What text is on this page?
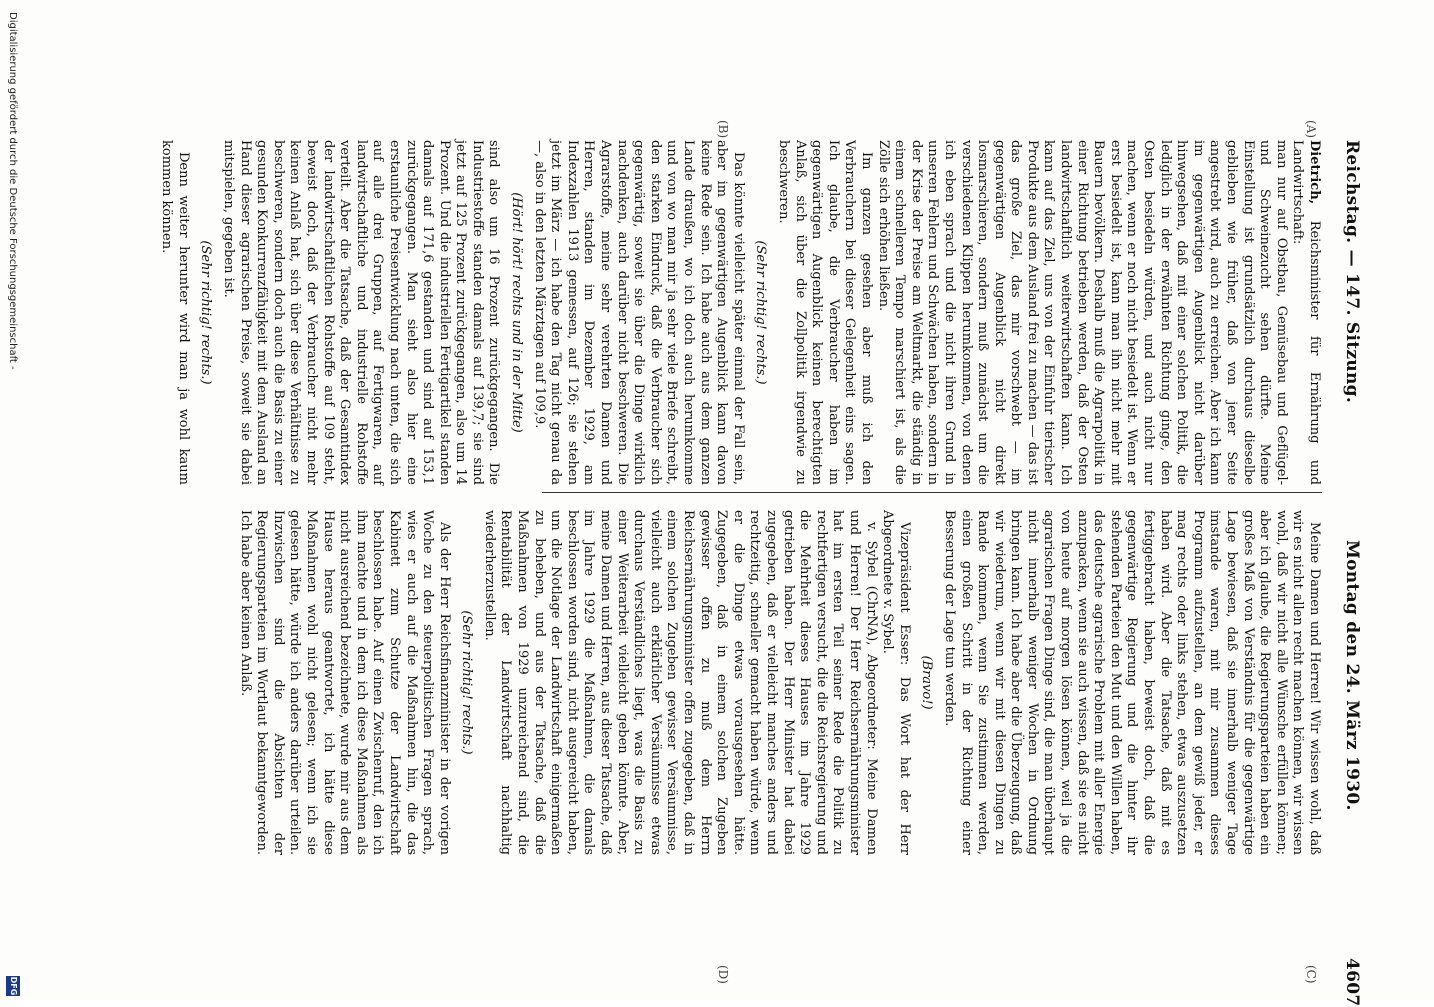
Reichstag. — 147. Sitzung.
Montag den 24. März 1930.
4607
(A)
(B)
(C)
(D)

Dietrich, Reichsminister für Ernährung und Landwirtschaft:

man nur auf Obstbau, Gemüsebau und Geflügel- und Schweinezucht sehen dürfte. Meine Einstellung ist grundsätzlich durchaus dieselbe geblieben wie früher, daß von jener Seite angestrebt wird, auch zu erreichen. Aber ich kann im gegenwärtigen Augenblick nicht darüber hinwegsehen, daß mit einer solchen Politik, die lediglich in der erwähnten Richtung ginge, den Osten besiedeln würden, und auch nicht nur machen, wenn er noch nicht besiedelt ist. Wenn er erst besiedelt ist, kann man ihn nicht mehr mit Bauern bevölkern. Deshalb muß die Agrarpolitik in einer Richtung betrieben werden, daß der Osten landwirtschaftlich weiterwirtschaften kann. Ich kann auf das Ziel, uns von der Einfuhr tierischer Produkte aus dem Ausland frei zu machen — das ist das große Ziel, das mir vorschwebt — im gegenwärtigen Augenblick nicht direkt losmarschieren, sondern muß zunächst um die verschiedenen Klippen herumkommen, von denen ich eben sprach und die nicht ihren Grund in unseren Fehlern und Schwächen haben, sondern in der Krise der Preise am Weltmarkt, die ständig in einem schnelleren Tempo marschiert ist, als die Zölle sich erhöhen ließen.

Im ganzen gesehen aber muß ich den Verbrauchern bei dieser Gelegenheit eins sagen. Ich glaube, die Verbraucher haben im gegenwärtigen Augenblick keinen berechtigten Anlaß, sich über die Zollpolitik irgendwie zu beschweren.

(Sehr richtig! rechts.)

Das könnte vielleicht später einmal der Fall sein, aber im gegenwärtigen Augenblick kann davon keine Rede sein. Ich habe auch aus dem ganzen Lande draußen, wo ich doch auch herumkomme und von wo man mir ja sehr viele Briefe schreibt, den starken Eindruck, daß die Verbraucher sich gegenwärtig, soweit sie über die Dinge wirklich nachdenken, auch darüber nicht beschweren. Die Agrarstoffe, meine sehr verehrten Damen und Herren, standen im Dezember 1929, am Indexzahlen 1913 gemessen, auf 126; sie stehen jetzt im März — ich habe den Tag nicht genau da —, also in den letzten Märztagen auf 109,9.

(Hört! hört! rechts und in der Mitte)

sind also um 16 Prozent zurückgegangen. Die Industriestoffe standen damals auf 139,7; sie sind jetzt auf 125 Prozent zurückgegangen, also um 14 Prozent. Und die industriellen Fertigartikel standen damals auf 171,6 gestanden und sind auf 153,1 zurückgegangen. Man sieht also hier eine erstaunliche Preisentwicklung nach unten, die sich auf alle drei Gruppen, auf Fertigwaren, auf landwirtschaftliche und industrielle Rohstoffe verteilt. Aber die Tatsache, daß der Gesamtindex der landwirtschaftlichen Rohstoffe auf 109 steht, beweist doch, daß der Verbraucher nicht mehr keinen Anlaß hat, sich über diese Verhältnisse zu beschweren, sondern doch auch die Basis zu einer gesunden Konkurrenzfähigkeit mit dem Ausland an Hand dieser agrarischen Preise, soweit sie dabei mitspielen, gegeben ist.

(Sehr richtig! rechts.)

Denn weiter herunter wird man ja wohl kaum kommen können.

Meine Damen und Herren! Wir wissen wohl, daß wir es nicht allen recht machen können, wir wissen wohl, daß wir nicht alle Wünsche erfüllen können; aber ich glaube, die Regierungsparteien haben ein großes Maß von Verständnis für die gegenwärtige Lage bewiesen, daß sie innerhalb weniger Tage imstande waren, mit mir zusammen dieses Programm aufzustellen, an dem gewiß jeder, er mag rechts oder links stehen, etwas auszusetzen haben wird. Aber die Tatsache, daß mit es fertiggebracht haben, beweist doch, daß die gegenwärtige Regierung und die hinter ihr stehenden Parteien den Mut und den Willen haben, das deutsche agrarische Problem mit aller Energie anzupacken, wenn sie auch wissen, daß sie es nicht von heute auf morgen lösen können, weil ja die agrarischen Fragen Dinge sind, die man überhaupt nicht innerhalb weniger Wochen in Ordnung bringen kann. Ich habe aber die Überzeugung, daß wir wiederum, wenn wir mit diesen Dingen zu Rande kommen, wenn Sie zustimmen werden, einen großen Schritt in der Richtung einer Besserung der Lage tun werden.

(Bravo!)

Vizepräsident Esser: Das Wort hat der Herr Abgeordnete v. Sybel.

v. Sybel (ChrNA), Abgeordneter: Meine Damen und Herren! Der Herr Reichsernährungsminister hat im ersten Teil seiner Rede die Politik zu rechtfertigen versucht, die die Reichsregierung und die Mehrheit dieses Hauses im Jahre 1929 getrieben haben. Der Herr Minister hat dabei zugegeben, daß er vielleicht manches anders und rechtzeitig, schneller gemacht haben würde, wenn er die Dinge etwas vorausgesehen hätte. Zugegeben, daß in einem solchen Zugeben gewisser offen zu muß dem Herrn Reichsernährungsminister offen zugegeben, daß in einem solchen Zugeben gewisser Versäumnisse, vielleicht auch erklärlicher Versäumnisse etwas durchaus Verständliches liegt, was die Basis zu einer Weiterarbeit vielleicht geben könnte. Aber, meine Damen und Herren, aus dieser Tatsache, daß im Jahre 1929 die Maßnahmen, die damals beschlossen worden sind, nicht ausgereicht haben, um die Notlage der Landwirtschaft einigermaßen zu beheben, und aus der Tatsache, daß die Maßnahmen von 1929 unzureichend sind, die Rentabilität der Landwirtschaft nachhaltig wiederherzustellen.

(Sehr richtig! rechts.)

Als der Herr Reichsfinanzminister in der vorigen Woche zu den steuerpolitischen Fragen sprach, wies er auch auf die Maßnahmen hin, die das Kabinett zum Schutze der Landwirtschaft beschlossen habe. Auf einen Zwischenruf, den ich ihm machte und in dem ich diese Maßnahmen als nicht ausreichend bezeichnete, wurde mir aus dem Hause heraus geantwortet, ich hätte diese Maßnahmen wohl nicht gelesen; wenn ich sie gelesen hätte, würde ich anders darüber urteilen. Inzwischen sind die Absichten der Regierungsparteien im Wortlaut bekanntgeworden. Ich habe aber keinen Anlaß.

Digitalisierung gefördert durch die Deutsche Forschungsgemeinschaft -
DFG
